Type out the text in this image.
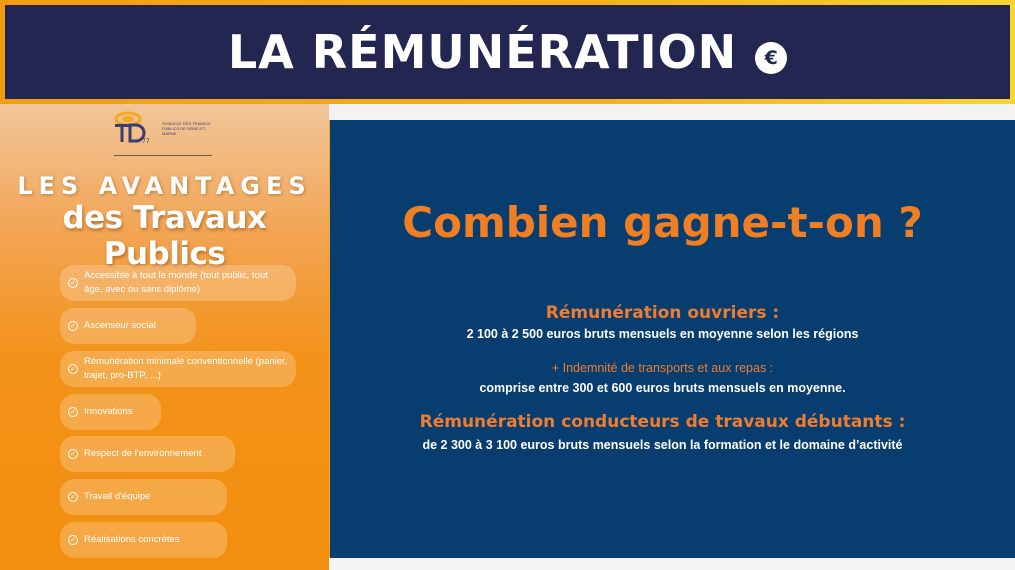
LA RÉMUNÉRATION	€
77
SYNDICAT DES TRAVAUX PUBLICS DE SEINE-ET-MARNE
LES AVANTAGES
des Travaux Publics
✓
Accessible à tout le monde (tout public, tout âge, avec ou sans diplôme)
✓ Ascenseur social
✓
Rémunération minimale conventionnelle (panier, trajet, pro-BTP, ...)
✓ Innovations
✓ Respect de l'environnement
✓ Travail d'équipe
✓ Réalisations concrètes
Combien gagne-t-on ?
Rémunération ouvriers :
2 100 à 2 500 euros bruts mensuels en moyenne selon les régions
+ Indemnité de transports et aux repas :
comprise entre 300 et 600 euros bruts mensuels en moyenne.
Rémunération conducteurs de travaux débutants :
de 2 300 à 3 100 euros bruts mensuels selon la formation et le domaine d’activité
